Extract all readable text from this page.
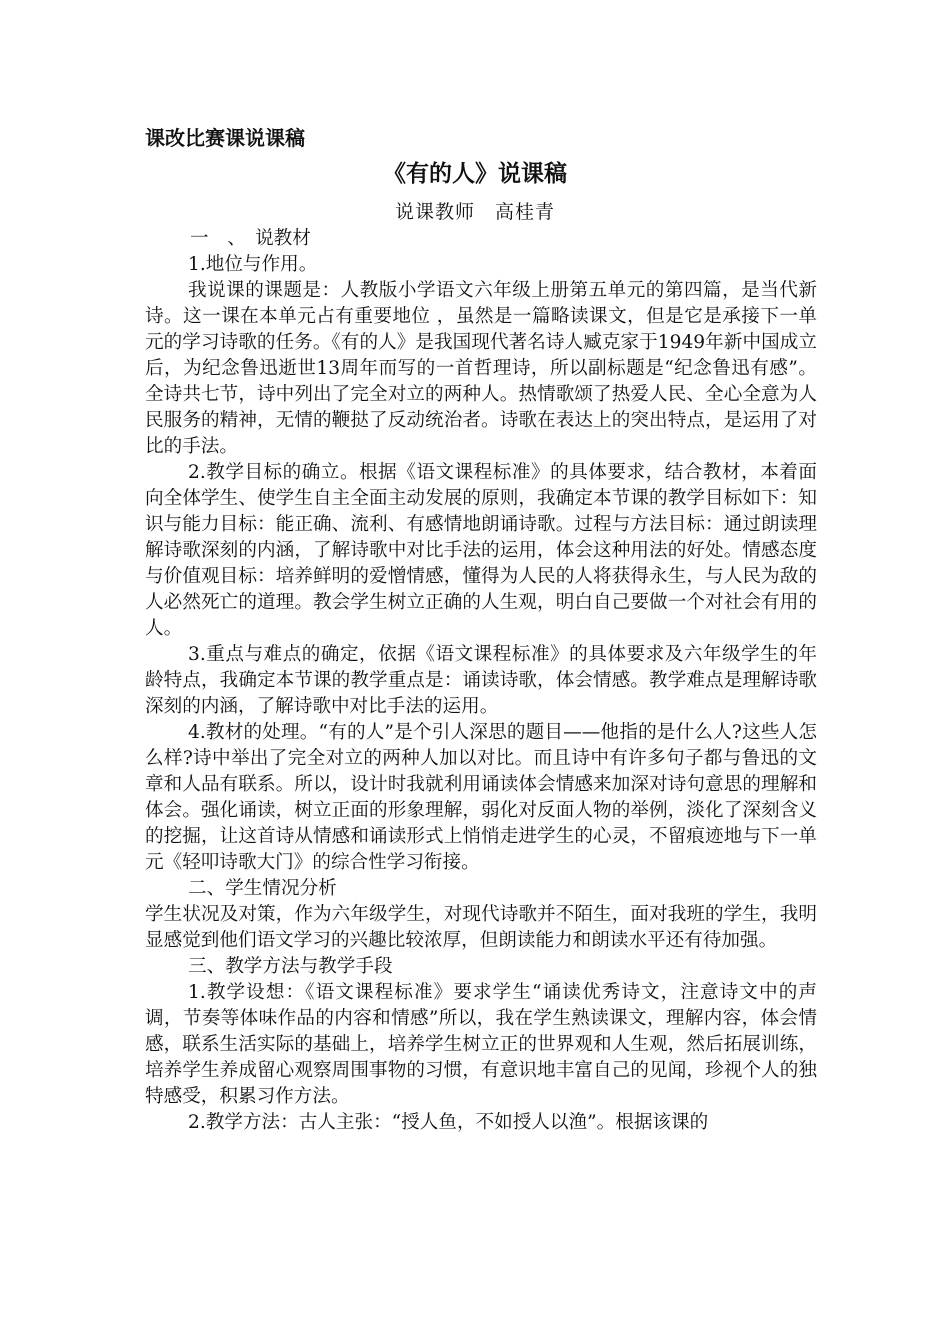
课改比赛课说课稿
《有的人》说课稿
说课教师　高桂青

一　、　说教材

1.地位与作用。

我说课的课题是：人教版小学语文六年级上册第五单元的第四篇，是当代新诗。这一课在本单元占有重要地位 ，虽然是一篇略读课文，但是它是承接下一单元的学习诗歌的任务。《有的人》是我国现代著名诗人臧克家于1949年新中国成立后，为纪念鲁迅逝世13周年而写的一首哲理诗，所以副标题是“纪念鲁迅有感”。全诗共七节，诗中列出了完全对立的两种人。热情歌颂了热爱人民、全心全意为人民服务的精神，无情的鞭挞了反动统治者。诗歌在表达上的突出特点，是运用了对比的手法。

2.教学目标的确立。根据《语文课程标准》的具体要求，结合教材，本着面向全体学生、使学生自主全面主动发展的原则，我确定本节课的教学目标如下：知识与能力目标：能正确、流利、有感情地朗诵诗歌。过程与方法目标：通过朗读理解诗歌深刻的内涵，了解诗歌中对比手法的运用，体会这种用法的好处。情感态度与价值观目标：培养鲜明的爱憎情感，懂得为人民的人将获得永生，与人民为敌的人必然死亡的道理。教会学生树立正确的人生观，明白自己要做一个对社会有用的人。

3.重点与难点的确定，依据《语文课程标准》的具体要求及六年级学生的年龄特点，我确定本节课的教学重点是：诵读诗歌，体会情感。教学难点是理解诗歌深刻的内涵，了解诗歌中对比手法的运用。

4.教材的处理。“有的人”是个引人深思的题目——他指的是什么人?这些人怎么样?诗中举出了完全对立的两种人加以对比。而且诗中有许多句子都与鲁迅的文章和人品有联系。所以，设计时我就利用诵读体会情感来加深对诗句意思的理解和体会。强化诵读，树立正面的形象理解，弱化对反面人物的举例，淡化了深刻含义的挖掘，让这首诗从情感和诵读形式上悄悄走进学生的心灵，不留痕迹地与下一单元《轻叩诗歌大门》的综合性学习衔接。

二、学生情况分析

学生状况及对策，作为六年级学生，对现代诗歌并不陌生，面对我班的学生，我明显感觉到他们语文学习的兴趣比较浓厚，但朗读能力和朗读水平还有待加强。

三、教学方法与教学手段

1.教学设想：《语文课程标准》要求学生“诵读优秀诗文，注意诗文中的声调，节奏等体味作品的内容和情感”所以，我在学生熟读课文，理解内容，体会情感，联系生活实际的基础上，培养学生树立正的世界观和人生观，然后拓展训练，培养学生养成留心观察周围事物的习惯，有意识地丰富自己的见闻，珍视个人的独特感受，积累习作方法。

2.教学方法：古人主张：“授人鱼，不如授人以渔”。根据该课的
